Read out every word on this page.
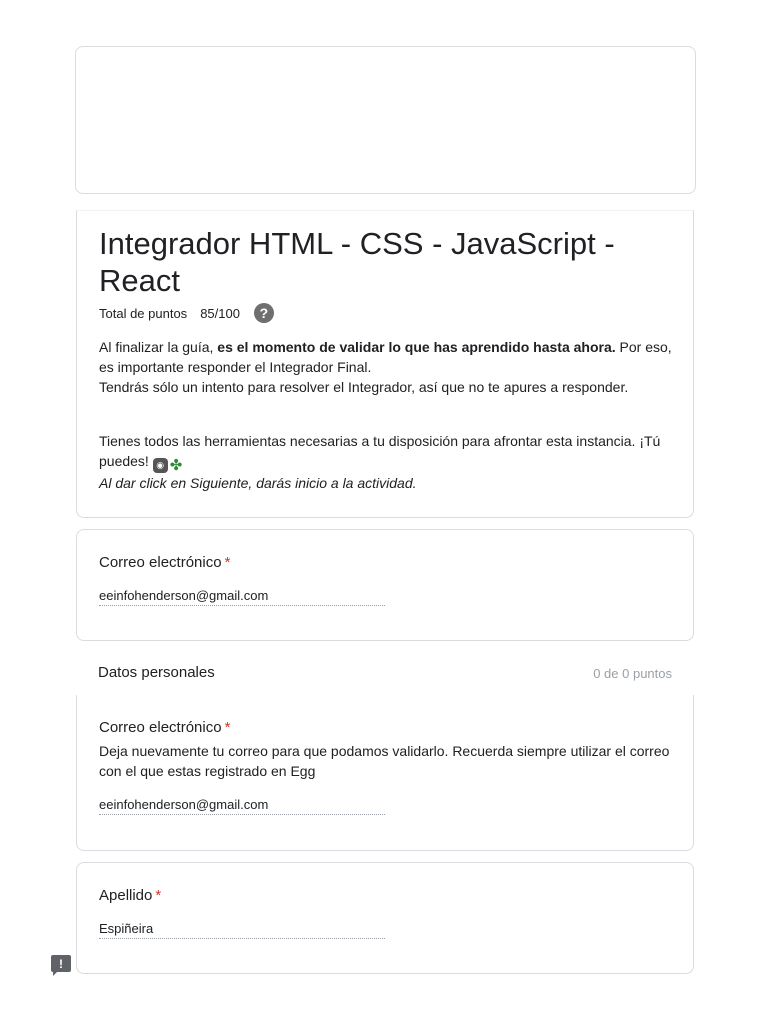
Integrador HTML - CSS - JavaScript - React
Total de puntos 85/100	?

Al finalizar la guía, es el momento de validar lo que has aprendido hasta ahora. Por eso, es importante responder el Integrador Final.

Tendrás sólo un intento para resolver el Integrador, así que no te apures a responder.

Tienes todos las herramientas necesarias a tu disposición para afrontar esta instancia. ¡Tú puedes! ◉ ✤

Al dar click en Siguiente, darás inicio a la actividad.

Correo electrónico *
eeinfohenderson@gmail.com
Datos personales	0 de 0 puntos
Correo electrónico *
Deja nuevamente tu correo para que podamos validarlo. Recuerda siempre utilizar el correo con el que estas registrado en Egg
eeinfohenderson@gmail.com
Apellido *
Espiñeira
!
